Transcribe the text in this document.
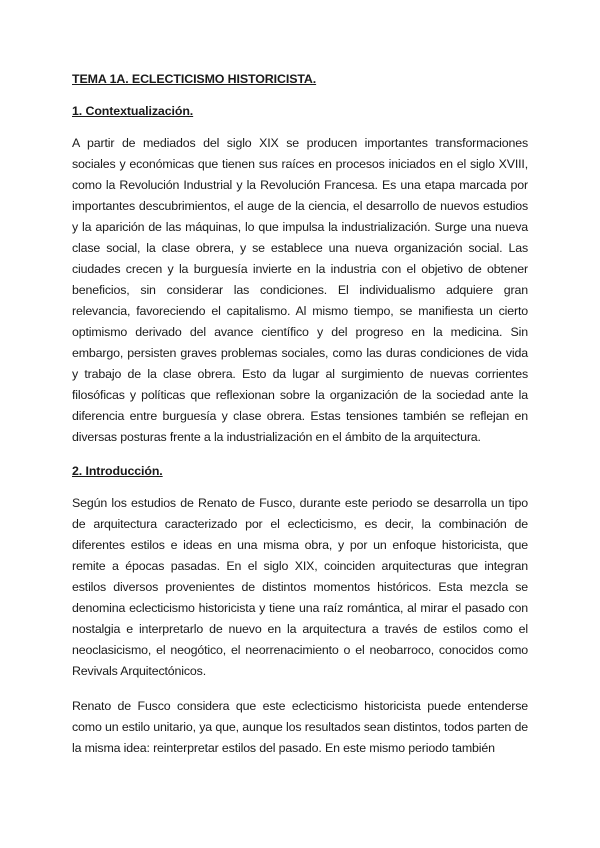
TEMA 1A. ECLECTICISMO HISTORICISTA.
1. Contextualización.

A partir de mediados del siglo XIX se producen importantes transformaciones sociales y económicas que tienen sus raíces en procesos iniciados en el siglo XVIII, como la Revolución Industrial y la Revolución Francesa. Es una etapa marcada por importantes descubrimientos, el auge de la ciencia, el desarrollo de nuevos estudios y la aparición de las máquinas, lo que impulsa la industrialización. Surge una nueva clase social, la clase obrera, y se establece una nueva organización social. Las ciudades crecen y la burguesía invierte en la industria con el objetivo de obtener beneficios, sin considerar las condiciones. El individualismo adquiere gran relevancia, favoreciendo el capitalismo. Al mismo tiempo, se manifiesta un cierto optimismo derivado del avance científico y del progreso en la medicina. Sin embargo, persisten graves problemas sociales, como las duras condiciones de vida y trabajo de la clase obrera. Esto da lugar al surgimiento de nuevas corrientes filosóficas y políticas que reflexionan sobre la organización de la sociedad ante la diferencia entre burguesía y clase obrera. Estas tensiones también se reflejan en diversas posturas frente a la industrialización en el ámbito de la arquitectura.

2. Introducción.

Según los estudios de Renato de Fusco, durante este periodo se desarrolla un tipo de arquitectura caracterizado por el eclecticismo, es decir, la combinación de diferentes estilos e ideas en una misma obra, y por un enfoque historicista, que remite a épocas pasadas. En el siglo XIX, coinciden arquitecturas que integran estilos diversos provenientes de distintos momentos históricos. Esta mezcla se denomina eclecticismo historicista y tiene una raíz romántica, al mirar el pasado con nostalgia e interpretarlo de nuevo en la arquitectura a través de estilos como el neoclasicismo, el neogótico, el neorrenacimiento o el neobarroco, conocidos como Revivals Arquitectónicos.

Renato de Fusco considera que este eclecticismo historicista puede entenderse como un estilo unitario, ya que, aunque los resultados sean distintos, todos parten de la misma idea: reinterpretar estilos del pasado. En este mismo periodo también
